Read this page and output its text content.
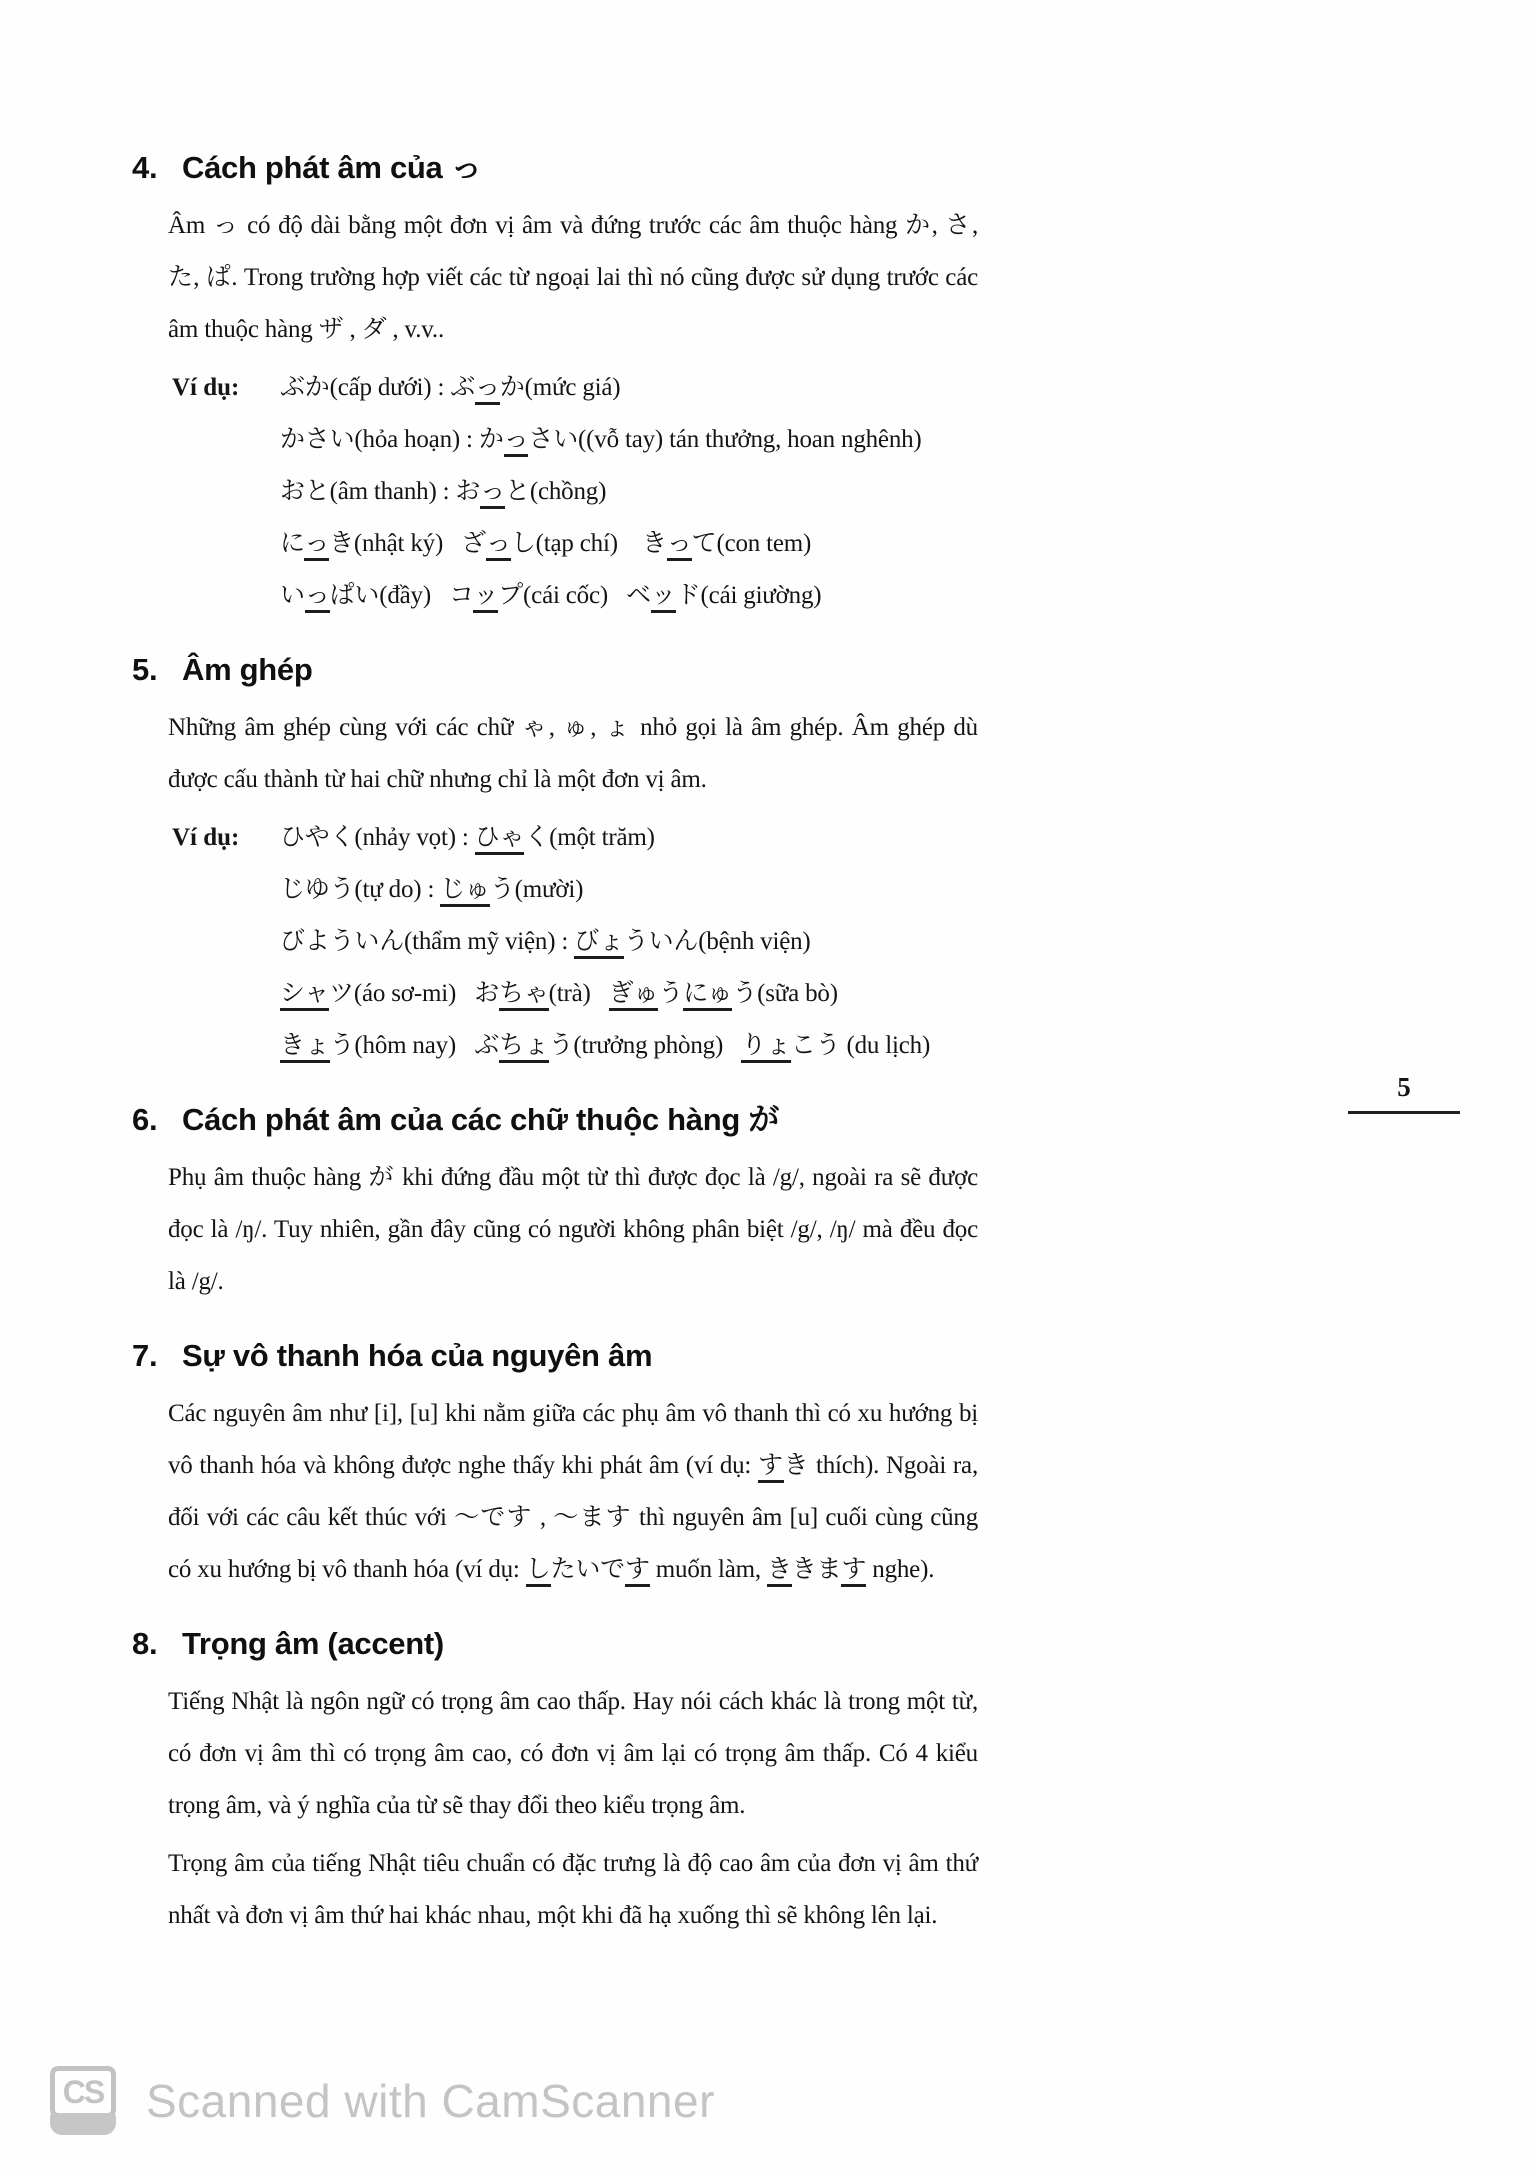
5
4. Cách phát âm của っ

Âm っ có độ dài bằng một đơn vị âm và đứng trước các âm thuộc hàng か, さ, た, ぱ. Trong trường hợp viết các từ ngoại lai thì nó cũng được sử dụng trước các âm thuộc hàng ザ , ダ , v.v..

Ví dụ: ぶか(cấp dưới) : ぶっか(mức giá)
かさい(hỏa hoạn) : かっさい((vỗ tay) tán thưởng, hoan nghênh)
おと(âm thanh) : おっと(chồng)
にっき(nhật ký)   ざっし(tạp chí)    きって(con tem)
いっぱい(đầy)   コップ(cái cốc)   ベッド(cái giường)
5. Âm ghép

Những âm ghép cùng với các chữ ゃ, ゅ, ょ nhỏ gọi là âm ghép. Âm ghép dù được cấu thành từ hai chữ nhưng chỉ là một đơn vị âm.

Ví dụ: ひやく(nhảy vọt) : ひゃく(một trăm)
じゆう(tự do) : じゅう(mười)
びよういん(thẩm mỹ viện) : びょういん(bệnh viện)
シャツ(áo sơ-mi)   おちゃ(trà)   ぎゅうにゅう(sữa bò)
きょう(hôm nay)   ぶちょう(trưởng phòng)   りょこう (du lịch)
6. Cách phát âm của các chữ thuộc hàng が

Phụ âm thuộc hàng が khi đứng đầu một từ thì được đọc là /g/, ngoài ra sẽ được đọc là /ŋ/. Tuy nhiên, gần đây cũng có người không phân biệt /g/, /ŋ/ mà đều đọc là /g/.

7. Sự vô thanh hóa của nguyên âm

Các nguyên âm như [i], [u] khi nằm giữa các phụ âm vô thanh thì có xu hướng bị vô thanh hóa và không được nghe thấy khi phát âm (ví dụ: すき thích). Ngoài ra, đối với các câu kết thúc với ～です , ～ます thì nguyên âm [u] cuối cùng cũng có xu hướng bị vô thanh hóa (ví dụ: したいです muốn làm, ききます nghe).

8. Trọng âm (accent)

Tiếng Nhật là ngôn ngữ có trọng âm cao thấp. Hay nói cách khác là trong một từ, có đơn vị âm thì có trọng âm cao, có đơn vị âm lại có trọng âm thấp. Có 4 kiểu trọng âm, và ý nghĩa của từ sẽ thay đổi theo kiểu trọng âm.

Trọng âm của tiếng Nhật tiêu chuẩn có đặc trưng là độ cao âm của đơn vị âm thứ nhất và đơn vị âm thứ hai khác nhau, một khi đã hạ xuống thì sẽ không lên lại.

CS Scanned with CamScanner
